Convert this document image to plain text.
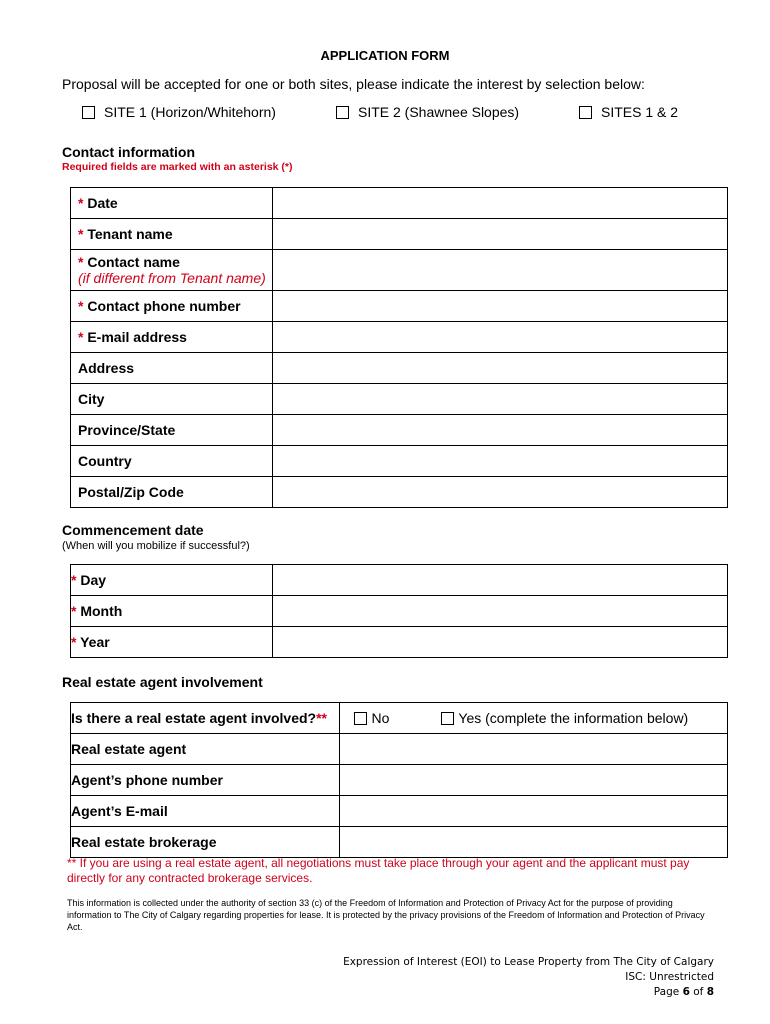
APPLICATION FORM
Proposal will be accepted for one or both sites, please indicate the interest by selection below:
SITE 1 (Horizon/Whitehorn)	SITE 2 (Shawnee Slopes)	SITES 1 & 2
Contact information
Required fields are marked with an asterisk (*)
* Date	
* Tenant name	
* Contact name
(if different from Tenant name)	
* Contact phone number	
* E-mail address	
Address	
City	
Province/State	
Country	
Postal/Zip Code	
Commencement date
(When will you mobilize if successful?)
* Day	
* Month	
* Year	
Real estate agent involvement
Is there a real estate agent involved?**	No Yes (complete the information below)

Real estate agent	
Agent’s phone number	
Agent’s E-mail	
Real estate brokerage	
** If you are using a real estate agent, all negotiations must take place through your agent and the applicant must pay directly for any contracted brokerage services.
This information is collected under the authority of section 33 (c) of the Freedom of Information and Protection of Privacy Act for the purpose of providing information to The City of Calgary regarding properties for lease. It is protected by the privacy provisions of the Freedom of Information and Protection of Privacy Act.
Expression of Interest (EOI) to Lease Property from The City of Calgary
ISC: Unrestricted
Page 6 of 8
